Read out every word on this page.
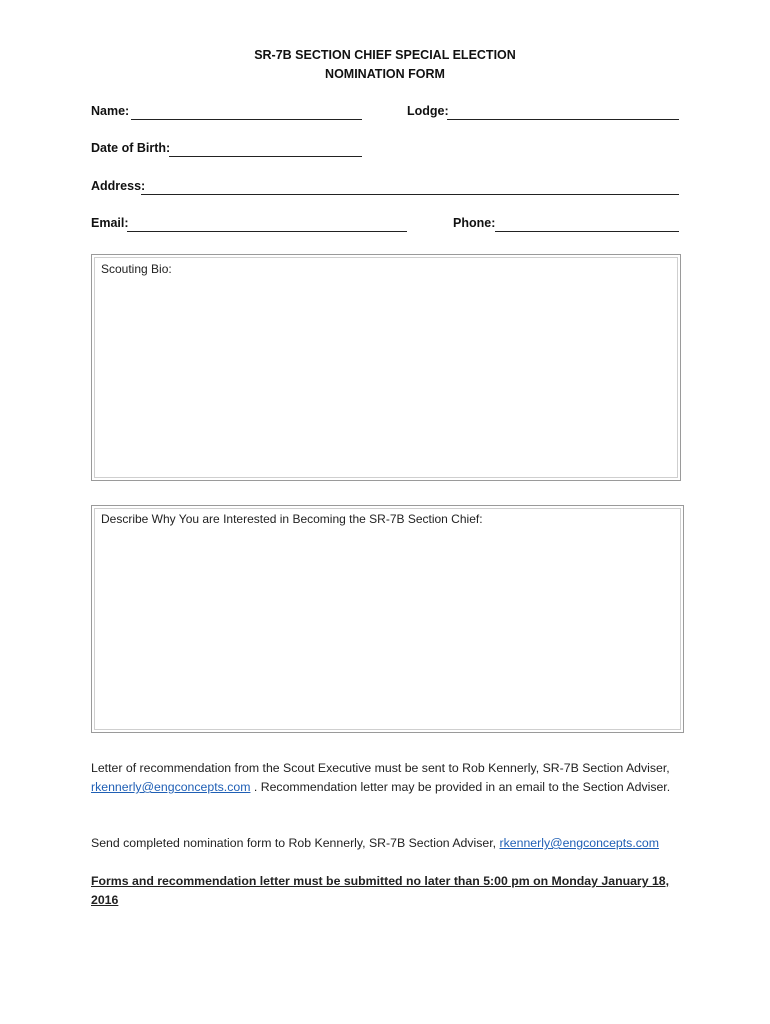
SR-7B SECTION CHIEF SPECIAL ELECTION
NOMINATION FORM
Name:	Lodge:
Date of Birth:
Address:
Email:	Phone:
Scouting Bio:
Describe Why You are Interested in Becoming the SR-7B Section Chief:
Letter of recommendation from the Scout Executive must be sent to Rob Kennerly, SR-7B Section Adviser, rkennerly@engconcepts.com . Recommendation letter may be provided in an email to the Section Adviser.
Send completed nomination form to Rob Kennerly, SR-7B Section Adviser, rkennerly@engconcepts.com
Forms and recommendation letter must be submitted no later than 5:00 pm on Monday January 18, 2016
